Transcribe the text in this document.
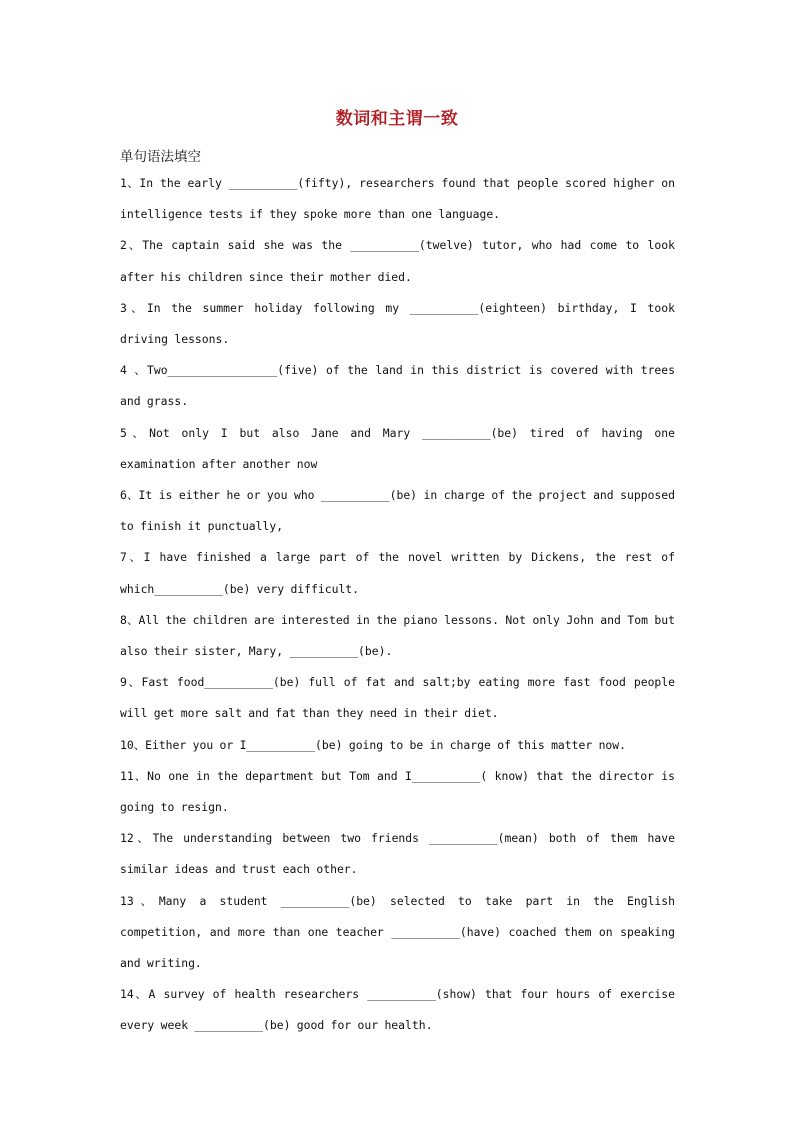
数词和主谓一致
单句语法填空
1、In the early __________(fifty), researchers found that people scored higher on intelligence tests if they spoke more than one language.
2、The captain said she was the __________(twelve) tutor, who had come to look after his children since their mother died.
3、In the summer holiday following my __________(eighteen) birthday, I took driving lessons.
4 、Two________________(five) of the land in this district is covered with trees and grass.
5、Not only I but also Jane and Mary __________(be) tired of having one examination after another now
6、It is either he or you who __________(be) in charge of the project and supposed to finish it punctually,
7、I have finished a large part of the novel written by Dickens, the rest of which__________(be) very difficult.
8、All the children are interested in the piano lessons. Not only John and Tom but also their sister, Mary, __________(be).
9、Fast food__________(be) full of fat and salt;by eating more fast food people will get more salt and fat than they need in their diet.
10、Either you or I__________(be) going to be in charge of this matter now.
11、No one in the department but Tom and I__________( know) that the director is going to resign.
12、The understanding between two friends __________(mean) both of them have similar ideas and trust each other.
13、Many a student __________(be) selected to take part in the English competition, and more than one teacher __________(have) coached them on speaking and writing.
14、A survey of health researchers __________(show) that four hours of exercise every week __________(be) good for our health.
